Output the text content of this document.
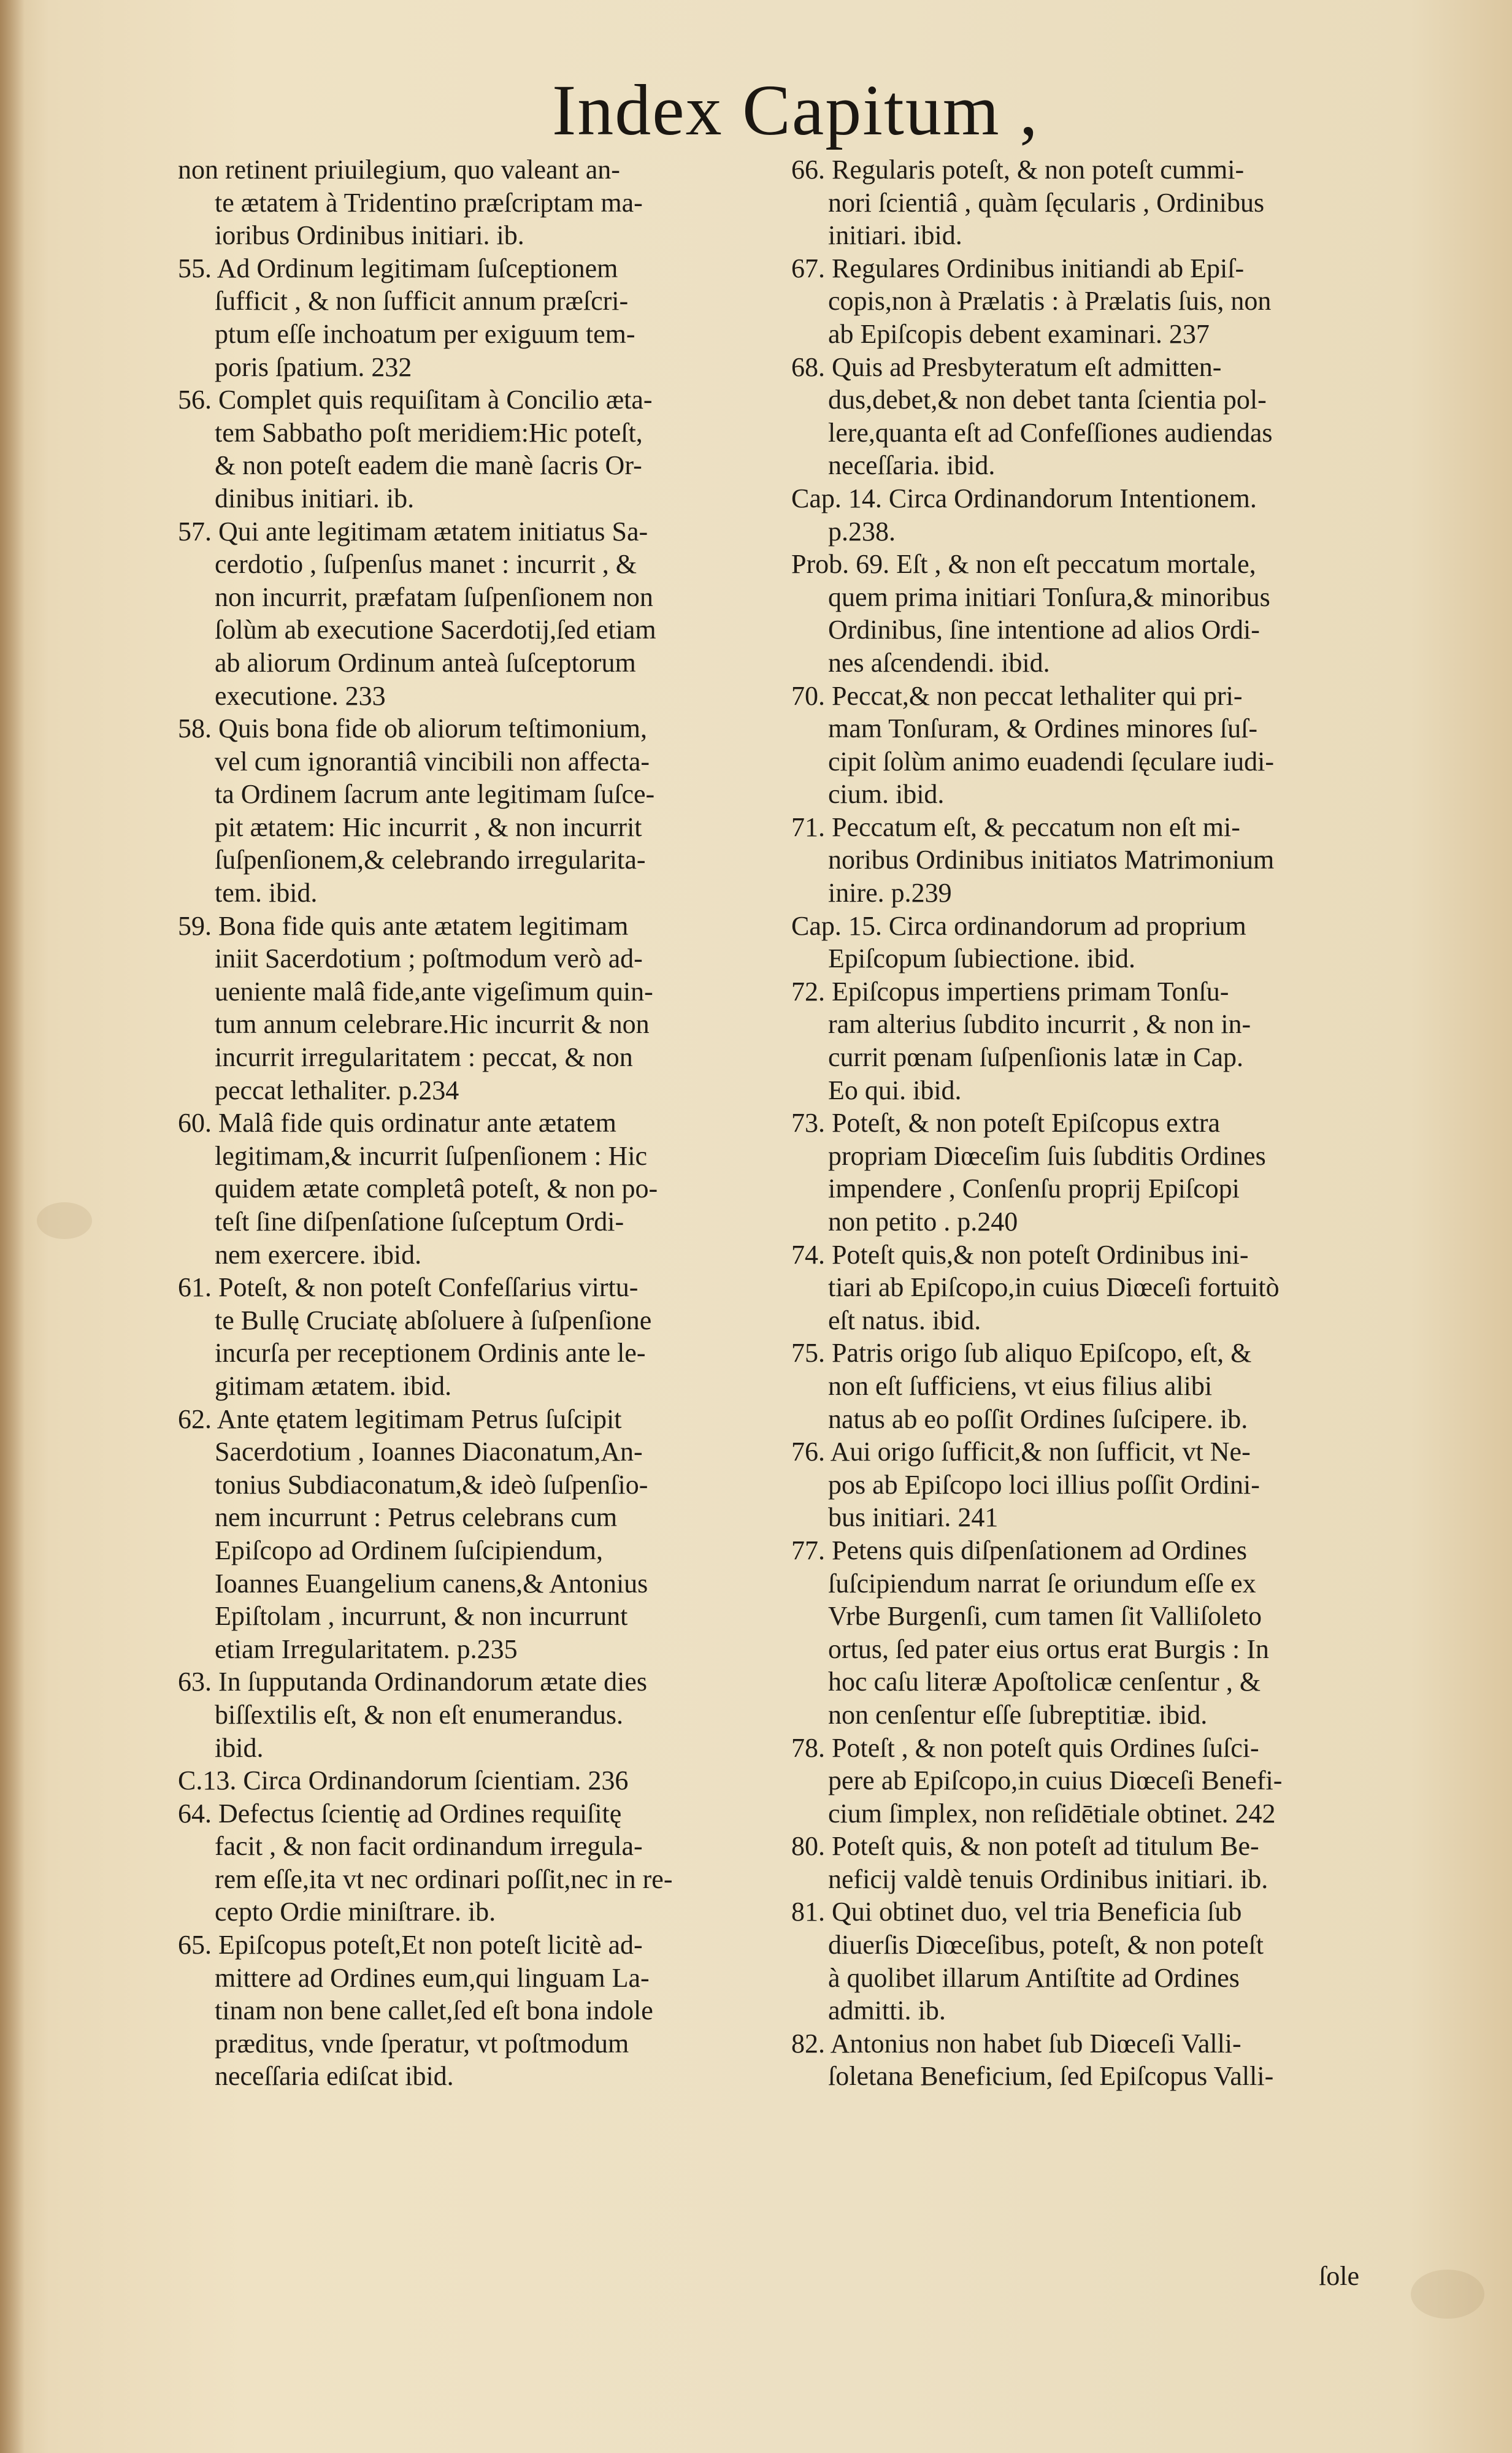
Index Capitum ,
non retinent priuilegium, quo valeant an-
te ætatem à Tridentino præſcriptam ma-
ioribus Ordinibus initiari. ib.
55. Ad Ordinum legitimam ſuſceptionem
ſufficit , & non ſufficit annum præſcri-
ptum eſſe inchoatum per exiguum tem-
poris ſpatium. 232
56. Complet quis requiſitam à Concilio æta-
tem Sabbatho poſt meridiem:Hic poteſt,
& non poteſt eadem die manè ſacris Or-
dinibus initiari. ib.
57. Qui ante legitimam ætatem initiatus Sa-
cerdotio , ſuſpenſus manet : incurrit , &
non incurrit, præfatam ſuſpenſionem non
ſolùm ab executione Sacerdotij,ſed etiam
ab aliorum Ordinum anteà ſuſceptorum
executione. 233
58. Quis bona fide ob aliorum teſtimonium,
vel cum ignorantiâ vincibili non affecta-
ta Ordinem ſacrum ante legitimam ſuſce-
pit ætatem: Hic incurrit , & non incurrit
ſuſpenſionem,& celebrando irregularita-
tem. ibid.
59. Bona fide quis ante ætatem legitimam
iniit Sacerdotium ; poſtmodum verò ad-
ueniente malâ fide,ante vigeſimum quin-
tum annum celebrare.Hic incurrit & non
incurrit irregularitatem : peccat, & non
peccat lethaliter. p.234
60. Malâ fide quis ordinatur ante ætatem
legitimam,& incurrit ſuſpenſionem : Hic
quidem ætate completâ poteſt, & non po-
teſt ſine diſpenſatione ſuſceptum Ordi-
nem exercere. ibid.
61. Poteſt, & non poteſt Confeſſarius virtu-
te Bullę Cruciatę abſoluere à ſuſpenſione
incurſa per receptionem Ordinis ante le-
gitimam ætatem. ibid.
62. Ante ętatem legitimam Petrus ſuſcipit
Sacerdotium , Ioannes Diaconatum,An-
tonius Subdiaconatum,& ideò ſuſpenſio-
nem incurrunt : Petrus celebrans cum
Epiſcopo ad Ordinem ſuſcipiendum,
Ioannes Euangelium canens,& Antonius
Epiſtolam , incurrunt, & non incurrunt
etiam Irregularitatem. p.235
63. In ſupputanda Ordinandorum ætate dies
biſſextilis eſt, & non eſt enumerandus.
ibid.
C.13. Circa Ordinandorum ſcientiam. 236
64. Defectus ſcientię ad Ordines requiſitę
facit , & non facit ordinandum irregula-
rem eſſe,ita vt nec ordinari poſſit,nec in re-
cepto Ordie miniſtrare. ib.
65. Epiſcopus poteſt,Et non poteſt licitè ad-
mittere ad Ordines eum,qui linguam La-
tinam non bene callet,ſed eſt bona indole
præditus, vnde ſperatur, vt poſtmodum
neceſſaria ediſcat ibid.
66. Regularis poteſt, & non poteſt cummi-
nori ſcientiâ , quàm ſęcularis , Ordinibus
initiari. ibid.
67. Regulares Ordinibus initiandi ab Epiſ-
copis,non à Prælatis : à Prælatis ſuis, non
ab Epiſcopis debent examinari. 237
68. Quis ad Presbyteratum eſt admitten-
dus,debet,& non debet tanta ſcientia pol-
lere,quanta eſt ad Confeſſiones audiendas
neceſſaria. ibid.
Cap. 14. Circa Ordinandorum Intentionem.
p.238.
Prob. 69. Eſt , & non eſt peccatum mortale,
quem prima initiari Tonſura,& minoribus
Ordinibus, ſine intentione ad alios Ordi-
nes aſcendendi. ibid.
70. Peccat,& non peccat lethaliter qui pri-
mam Tonſuram, & Ordines minores ſuſ-
cipit ſolùm animo euadendi ſęculare iudi-
cium. ibid.
71. Peccatum eſt, & peccatum non eſt mi-
noribus Ordinibus initiatos Matrimonium
inire. p.239
Cap. 15. Circa ordinandorum ad proprium
Epiſcopum ſubiectione. ibid.
72. Epiſcopus impertiens primam Tonſu-
ram alterius ſubdito incurrit , & non in-
currit pœnam ſuſpenſionis latæ in Cap.
Eo qui. ibid.
73. Poteſt, & non poteſt Epiſcopus extra
propriam Diœceſim ſuis ſubditis Ordines
impendere , Conſenſu proprij Epiſcopi
non petito . p.240
74. Poteſt quis,& non poteſt Ordinibus ini-
tiari ab Epiſcopo,in cuius Diœceſi fortuitò
eſt natus. ibid.
75. Patris origo ſub aliquo Epiſcopo, eſt, &
non eſt ſufficiens, vt eius filius alibi
natus ab eo poſſit Ordines ſuſcipere. ib.
76. Aui origo ſufficit,& non ſufficit, vt Ne-
pos ab Epiſcopo loci illius poſſit Ordini-
bus initiari. 241
77. Petens quis diſpenſationem ad Ordines
ſuſcipiendum narrat ſe oriundum eſſe ex
Vrbe Burgenſi, cum tamen ſit Valliſoleto
ortus, ſed pater eius ortus erat Burgis : In
hoc caſu literæ Apoſtolicæ cenſentur , &
non cenſentur eſſe ſubreptitiæ. ibid.
78. Poteſt , & non poteſt quis Ordines ſuſci-
pere ab Epiſcopo,in cuius Diœceſi Benefi-
cium ſimplex, non reſidētiale obtinet. 242
80. Poteſt quis, & non poteſt ad titulum Be-
neficij valdè tenuis Ordinibus initiari. ib.
81. Qui obtinet duo, vel tria Beneficia ſub
diuerſis Diœceſibus, poteſt, & non poteſt
à quolibet illarum Antiſtite ad Ordines
admitti. ib.
82. Antonius non habet ſub Diœceſi Valli-
ſoletana Beneficium, ſed Epiſcopus Valli-
ſole
